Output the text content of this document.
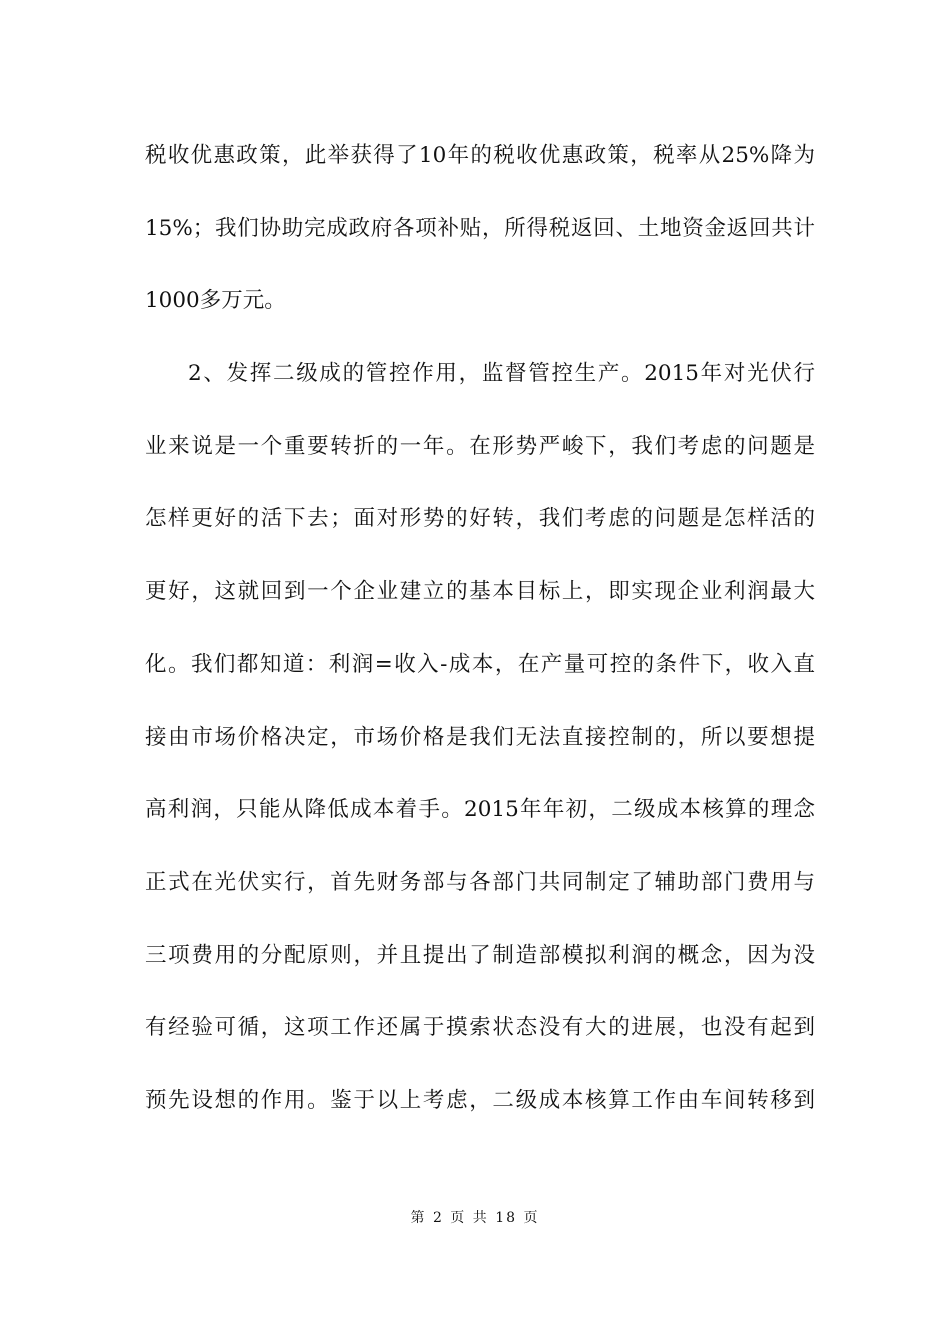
税收优惠政策，此举获得了10年的税收优惠政策，税率从25%降为
15%；我们协助完成政府各项补贴，所得税返回、土地资金返回共计
1000多万元。
2、发挥二级成的管控作用，监督管控生产。2015年对光伏行
业来说是一个重要转折的一年。在形势严峻下，我们考虑的问题是
怎样更好的活下去；面对形势的好转，我们考虑的问题是怎样活的
更好，这就回到一个企业建立的基本目标上，即实现企业利润最大
化。我们都知道：利润=收入-成本，在产量可控的条件下，收入直
接由市场价格决定，市场价格是我们无法直接控制的，所以要想提
高利润，只能从降低成本着手。2015年年初，二级成本核算的理念
正式在光伏实行，首先财务部与各部门共同制定了辅助部门费用与
三项费用的分配原则，并且提出了制造部模拟利润的概念，因为没
有经验可循，这项工作还属于摸索状态没有大的进展，也没有起到
预先设想的作用。鉴于以上考虑，二级成本核算工作由车间转移到
第 2 页 共 18 页
